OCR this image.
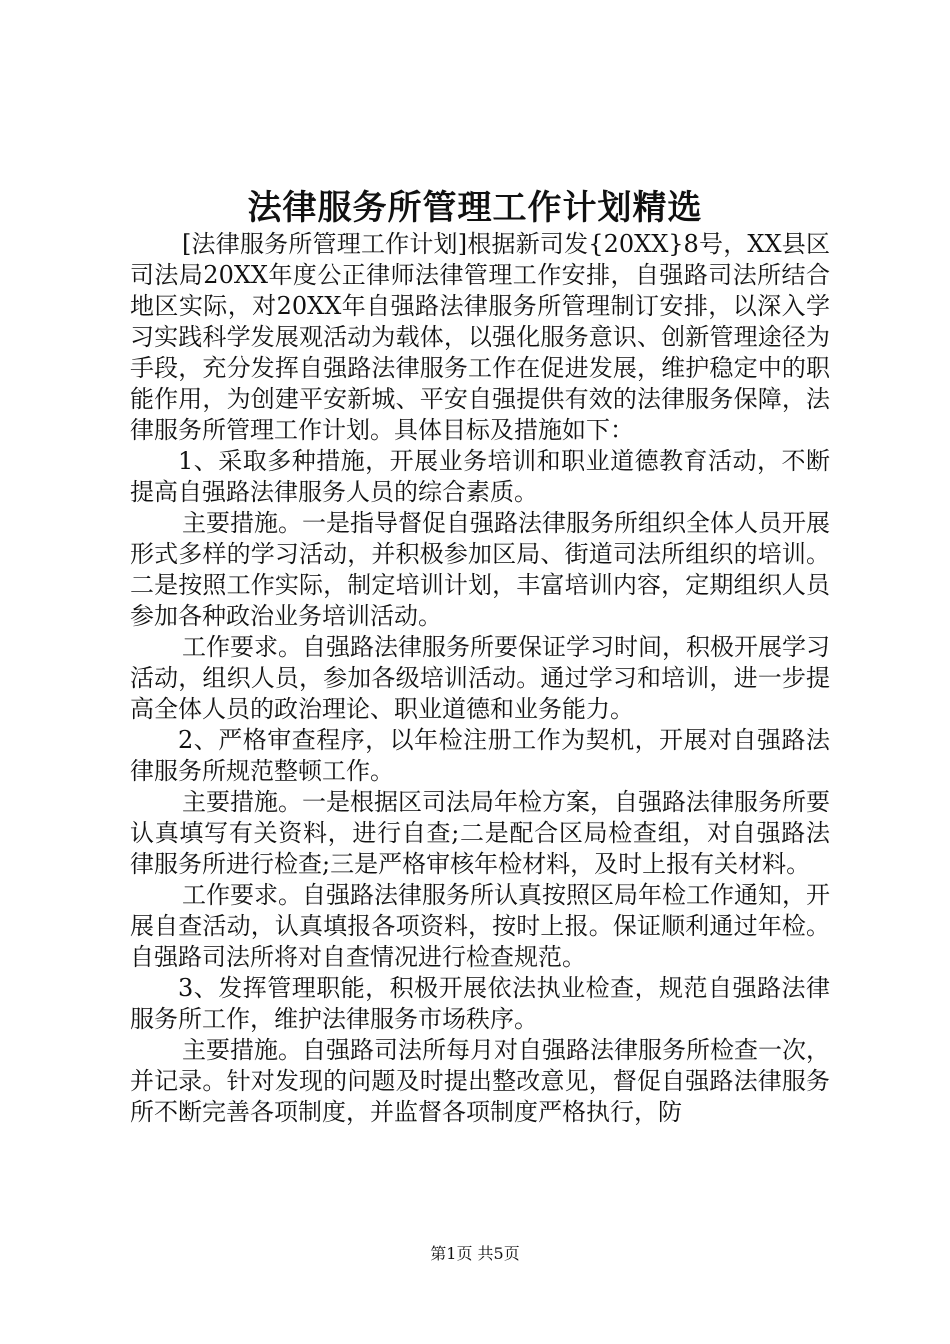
法律服务所管理工作计划精选

[法律服务所管理工作计划]根据新司发{20XX}8号，XX县区司法局20XX年度公正律师法律管理工作安排，自强路司法所结合地区实际，对20XX年自强路法律服务所管理制订安排，以深入学习实践科学发展观活动为载体，以强化服务意识、创新管理途径为手段，充分发挥自强路法律服务工作在促进发展，维护稳定中的职能作用，为创建平安新城、平安自强提供有效的法律服务保障，法律服务所管理工作计划。具体目标及措施如下：

1、采取多种措施，开展业务培训和职业道德教育活动，不断提高自强路法律服务人员的综合素质。

主要措施。一是指导督促自强路法律服务所组织全体人员开展形式多样的学习活动，并积极参加区局、街道司法所组织的培训。二是按照工作实际，制定培训计划，丰富培训内容，定期组织人员参加各种政治业务培训活动。

工作要求。自强路法律服务所要保证学习时间，积极开展学习活动，组织人员，参加各级培训活动。通过学习和培训，进一步提高全体人员的政治理论、职业道德和业务能力。

2、严格审查程序，以年检注册工作为契机，开展对自强路法律服务所规范整顿工作。

主要措施。一是根据区司法局年检方案，自强路法律服务所要认真填写有关资料，进行自查;二是配合区局检查组，对自强路法律服务所进行检查;三是严格审核年检材料，及时上报有关材料。

工作要求。自强路法律服务所认真按照区局年检工作通知，开展自查活动，认真填报各项资料，按时上报。保证顺利通过年检。自强路司法所将对自查情况进行检查规范。

3、发挥管理职能，积极开展依法执业检查，规范自强路法律服务所工作，维护法律服务市场秩序。

主要措施。自强路司法所每月对自强路法律服务所检查一次，并记录。针对发现的问题及时提出整改意见，督促自强路法律服务所不断完善各项制度，并监督各项制度严格执行，防

第1页 共5页
